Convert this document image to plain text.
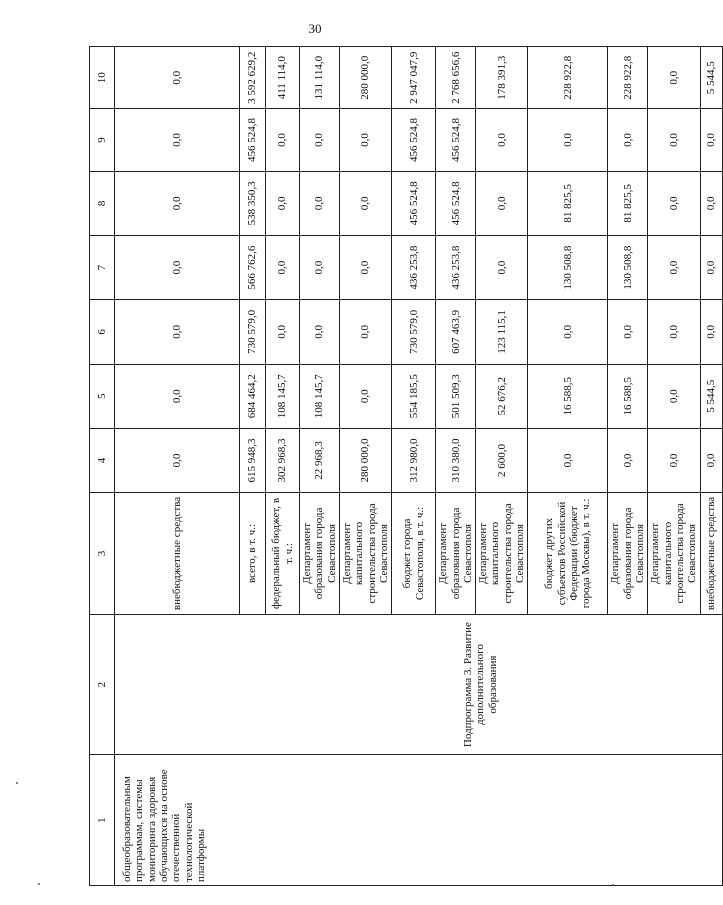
30
1	2	3	4	5	6	7	8	9	10
общеобразовательным программам, системы мониторинга здоровья обучающихся на основе отечественной технологической платформы		внебюджетные средства	0,0	0,0	0,0	0,0	0,0	0,0	0,0
	Подпрограмма 3. Развитие дополнительного образования	всего, в т. ч.:	615 948,3	684 464,2	730 579,0	566 762,6	538 350,3	456 524,8	3 592 629,2
		федеральный бюджет, в т. ч.:	302 968,3	108 145,7	0,0	0,0	0,0	0,0	411 114,0
		Департамент образования города Севастополя	22 968,3	108 145,7	0,0	0,0	0,0	0,0	131 114,0
		Департамент капитального строительства города Севастополя	280 000,0	0,0	0,0	0,0	0,0	0,0	280 000,0
		бюджет города Севастополя, в т. ч.:	312 980,0	554 185,5	730 579,0	436 253,8	456 524,8	456 524,8	2 947 047,9
		Департамент образования города Севастополя	310 380,0	501 509,3	607 463,9	436 253,8	456 524,8	456 524,8	2 768 656,6
		Департамент капитального строительства города Севастополя	2 600,0	52 676,2	123 115,1	0,0	0,0	0,0	178 391,3
		бюджет других субъектов Российской Федерации (бюджет города Москвы), в т. ч.:	0,0	16 588,5	0,0	130 508,8	81 825,5	0,0	228 922,8
		Департамент образования города Севастополя	0,0	16 588,5	0,0	130 508,8	81 825,5	0,0	228 922,8
		Департамент капитального строительства города Севастополя	0,0	0,0	0,0	0,0	0,0	0,0	0,0
		внебюджетные средства	0,0	5 544,5	0,0	0,0	0,0	0,0	5 544,5
